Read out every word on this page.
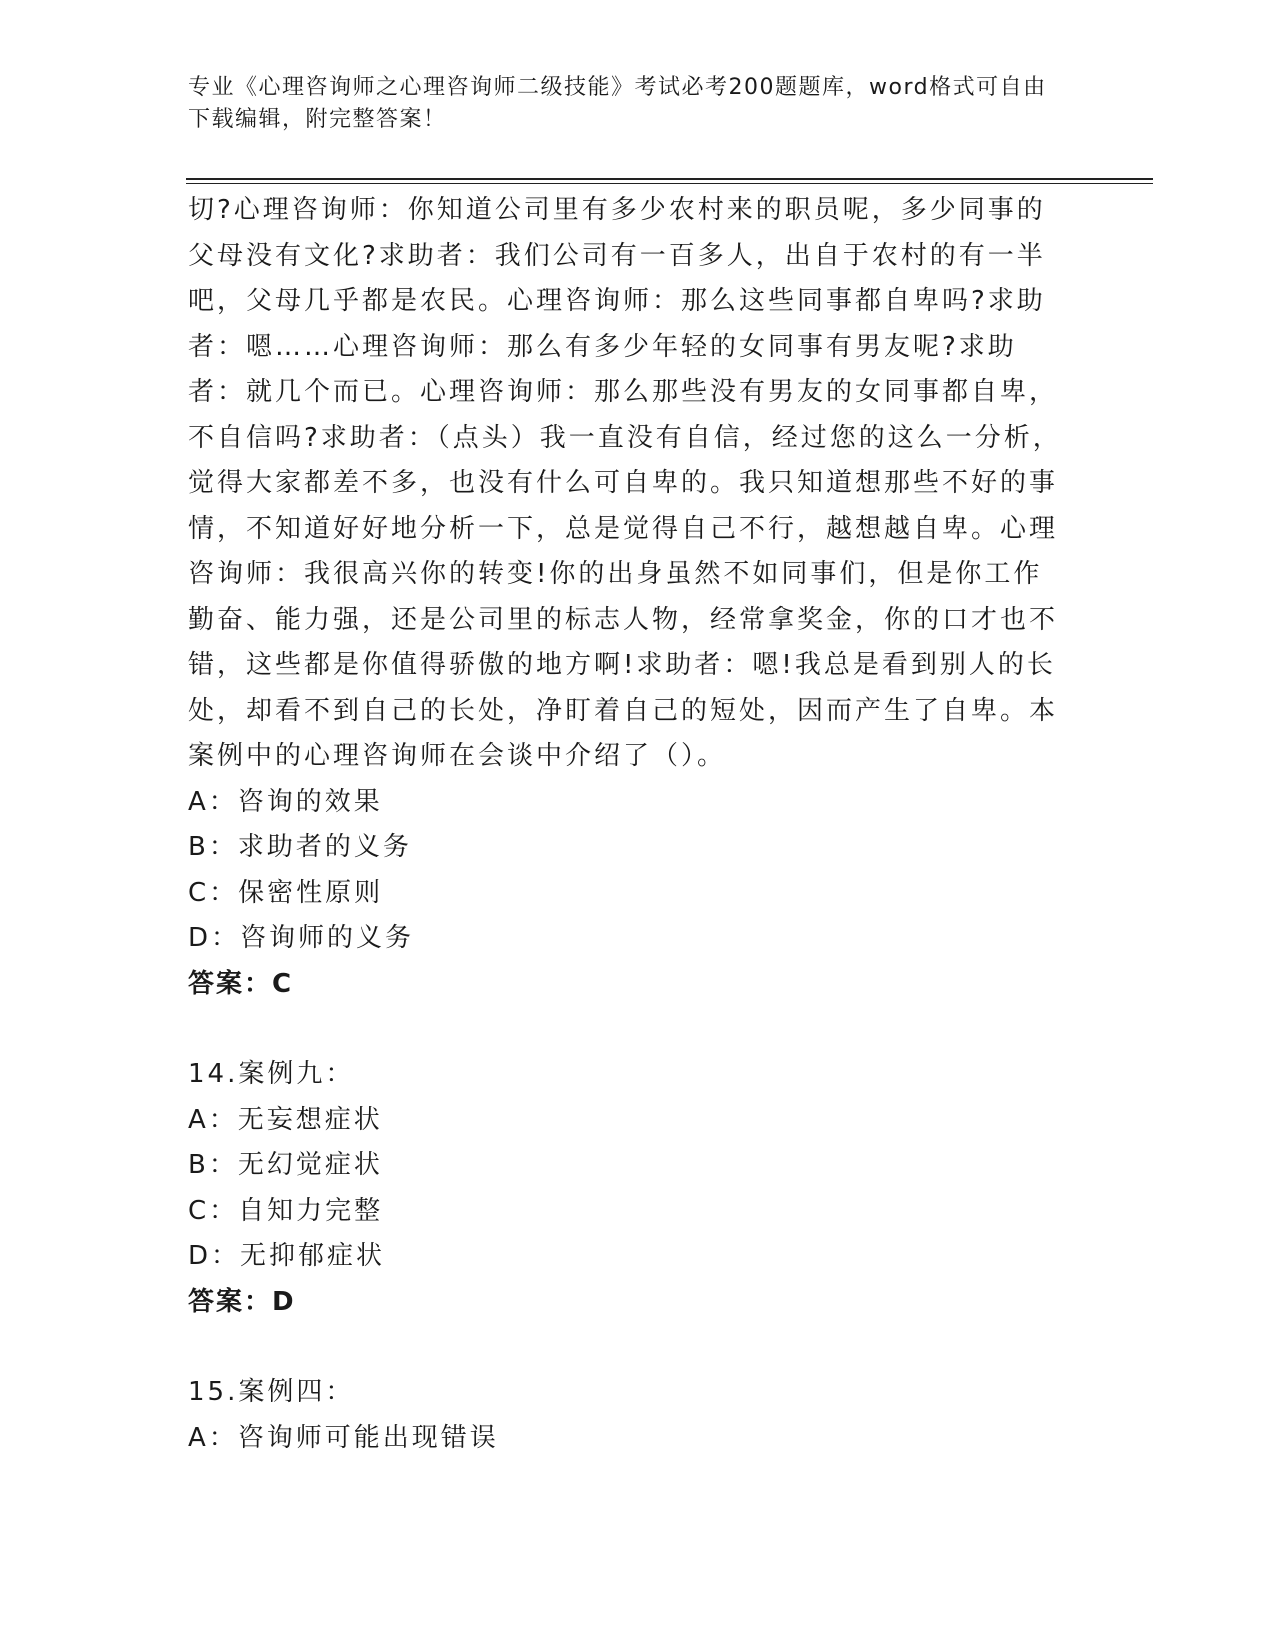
专业《心理咨询师之心理咨询师二级技能》考试必考200题题库，word格式可自由下载编辑，附完整答案！

切?心理咨询师：你知道公司里有多少农村来的职员呢，多少同事的父母没有文化?求助者：我们公司有一百多人，出自于农村的有一半吧，父母几乎都是农民。心理咨询师：那么这些同事都自卑吗?求助者：嗯……心理咨询师：那么有多少年轻的女同事有男友呢?求助者：就几个而已。心理咨询师：那么那些没有男友的女同事都自卑，不自信吗?求助者：（点头）我一直没有自信，经过您的这么一分析，觉得大家都差不多，也没有什么可自卑的。我只知道想那些不好的事情，不知道好好地分析一下，总是觉得自己不行，越想越自卑。心理咨询师：我很高兴你的转变!你的出身虽然不如同事们，但是你工作勤奋、能力强，还是公司里的标志人物，经常拿奖金，你的口才也不错，这些都是你值得骄傲的地方啊!求助者：嗯!我总是看到别人的长处，却看不到自己的长处，净盯着自己的短处，因而产生了自卑。本案例中的心理咨询师在会谈中介绍了（）。

A：咨询的效果

B：求助者的义务

C：保密性原则

D：咨询师的义务

答案：C

14.案例九：

A：无妄想症状

B：无幻觉症状

C：自知力完整

D：无抑郁症状

答案：D

15.案例四：

A：咨询师可能出现错误
